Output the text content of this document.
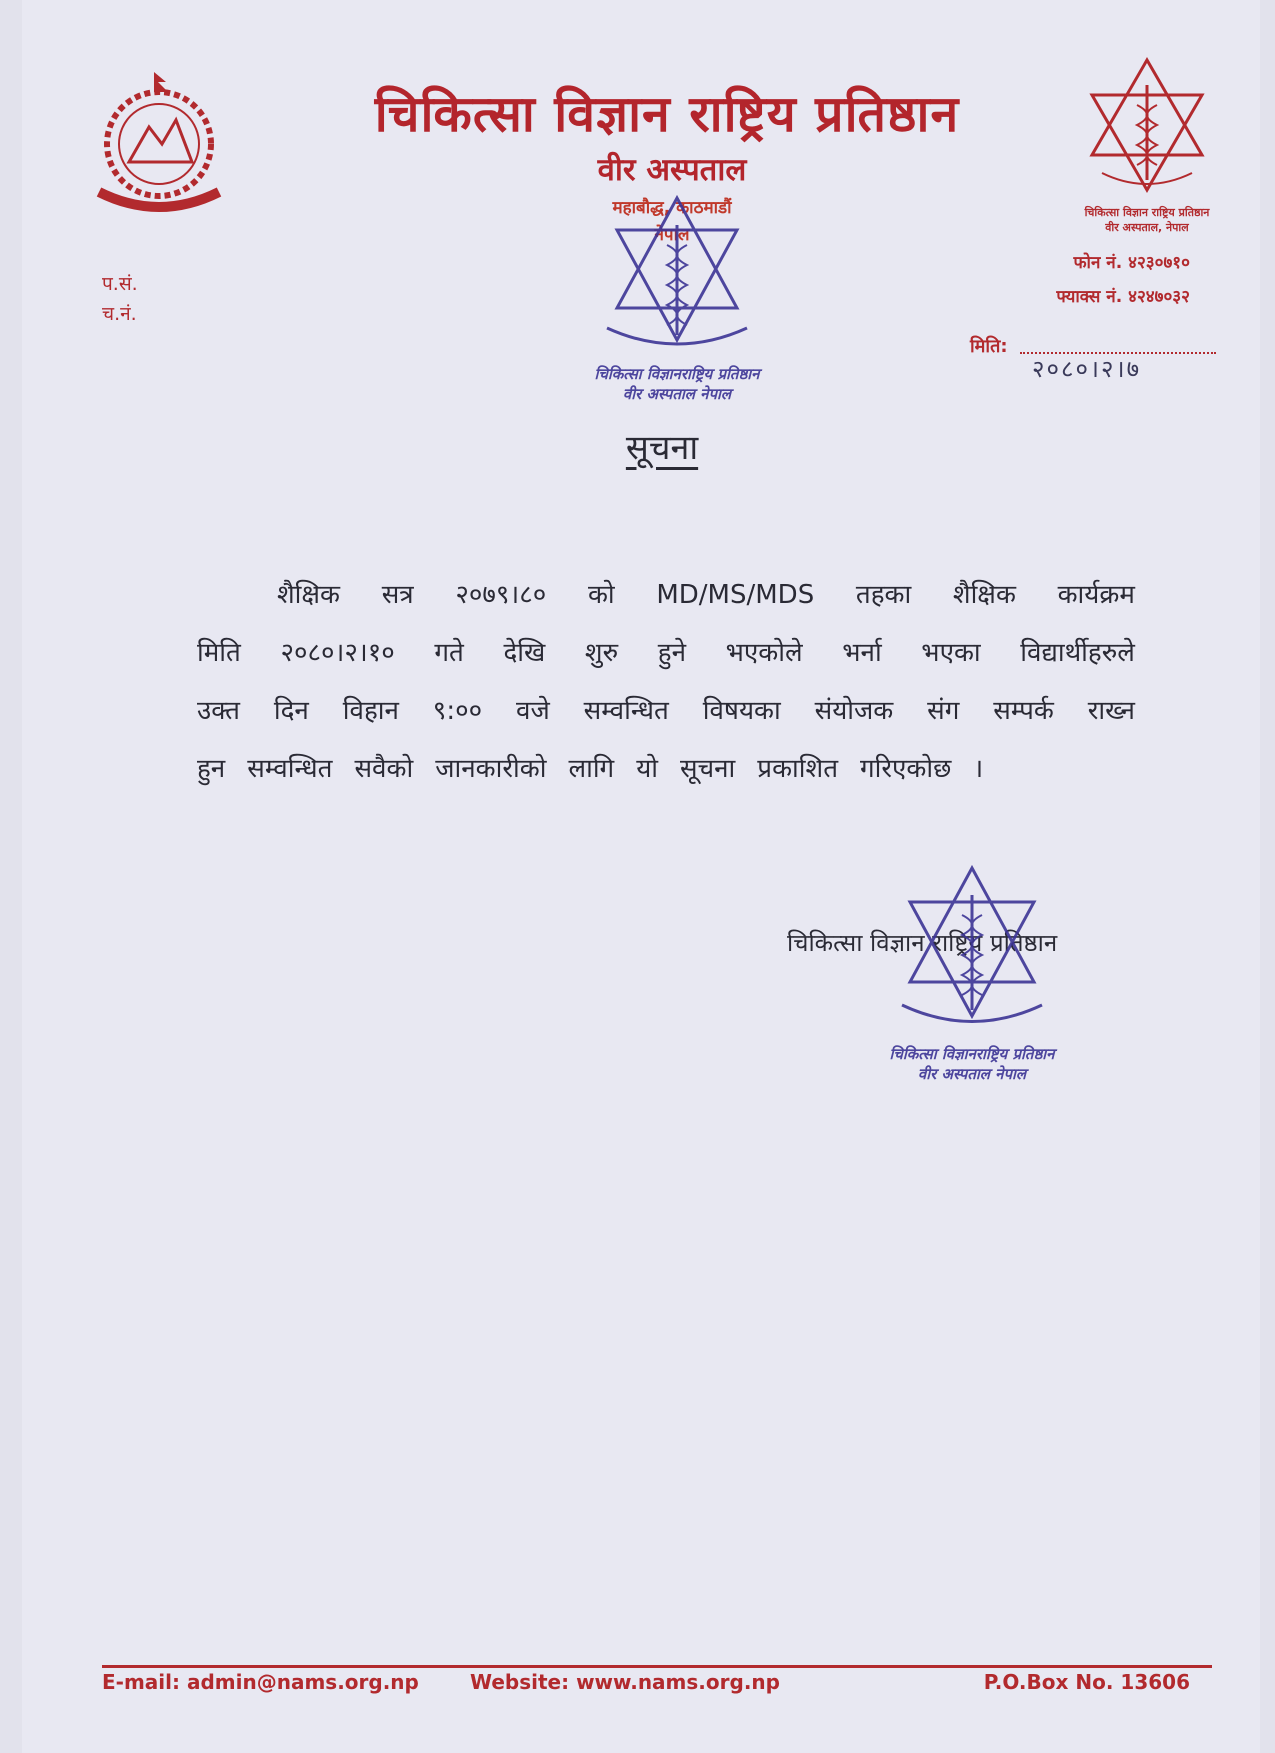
चिकित्सा विज्ञान राष्ट्रिय प्रतिष्ठान
वीर अस्पताल
महाबौद्ध, काठमाडौं
नेपाल
चिकित्सा विज्ञान राष्ट्रिय प्रतिष्ठान
वीर अस्पताल, नेपाल
प.सं.
च.नं.
फोन नं. ४२३०७१०
फ्याक्स नं. ४२४७०३२
मिति:
२०८०।२।७
चिकित्सा विज्ञानराष्ट्रिय प्रतिष्ठान
वीर अस्पताल नेपाल
सूचना
शैक्षिक सत्र २०७९।८० को MD/MS/MDS तहका शैक्षिक कार्यक्रम
मिति २०८०।२।१० गते देखि शुरु हुने भएकोले भर्ना भएका विद्यार्थीहरुले
उक्त दिन विहान ९:०० वजे सम्वन्धित विषयका संयोजक संग सम्पर्क राख्न
हुन सम्वन्धित सवैको जानकारीको लागि यो सूचना प्रकाशित गरिएकोछ ।
चिकित्सा विज्ञान राष्ट्रिय प्रतिष्ठान
चिकित्सा विज्ञानराष्ट्रिय प्रतिष्ठान
वीर अस्पताल नेपाल
E-mail: admin@nams.org.np	Website: www.nams.org.np	P.O.Box No. 13606
